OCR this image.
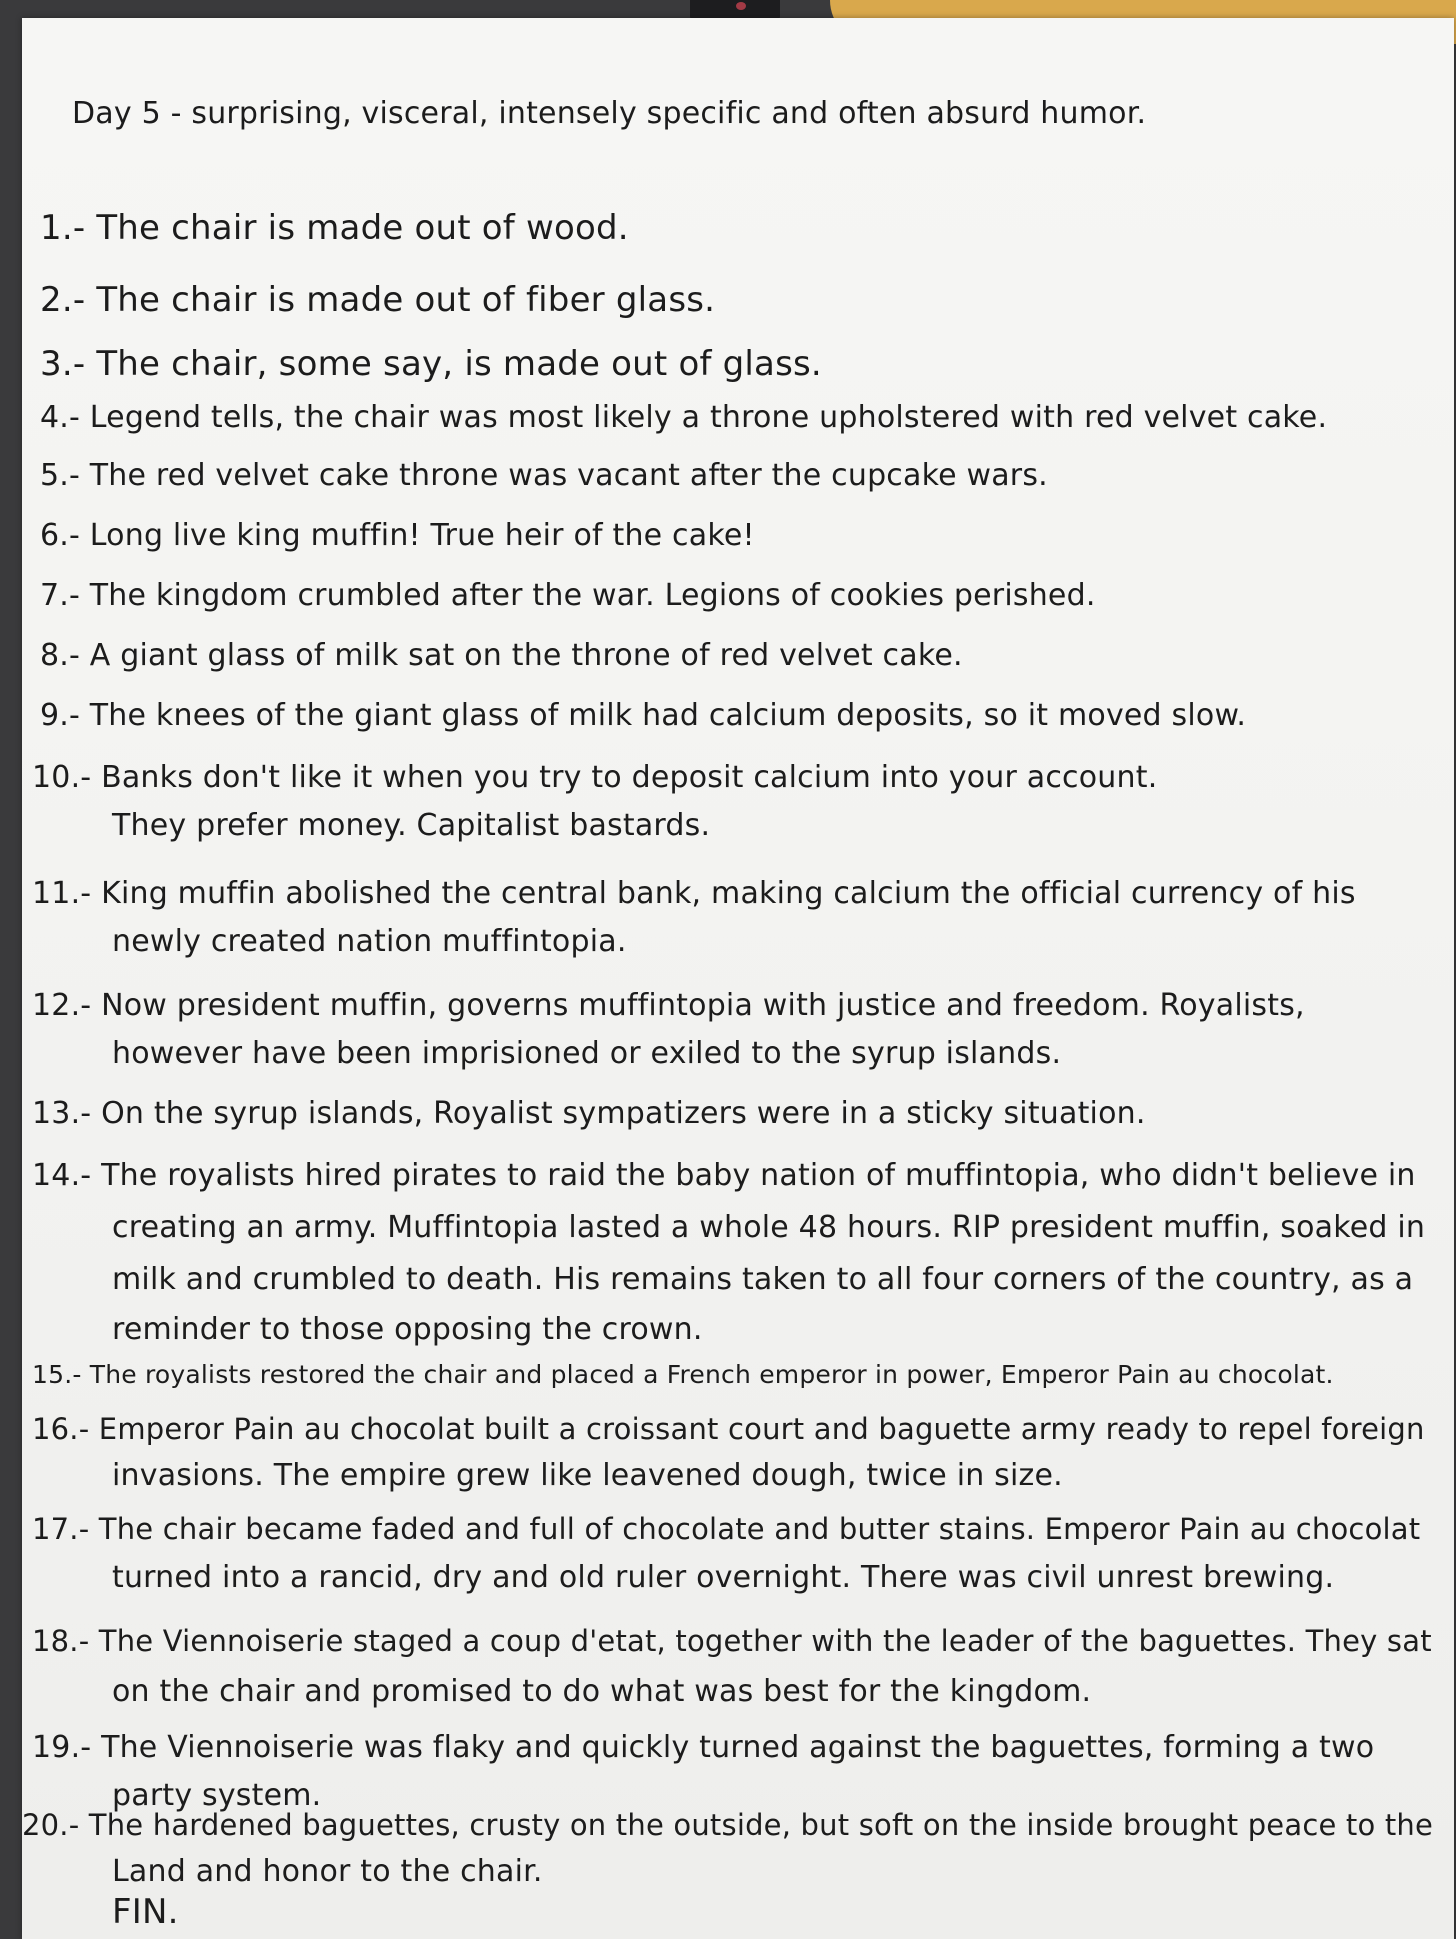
Day 5 - surprising, visceral, intensely specific and often absurd humor.
1.- The chair is made out of wood.
2.- The chair is made out of fiber glass.
3.- The chair, some say, is made out of glass.
4.- Legend tells, the chair was most likely a throne upholstered with red velvet cake.
5.- The red velvet cake throne was vacant after the cupcake wars.
6.- Long live king muffin! True heir of the cake!
7.- The kingdom crumbled after the war. Legions of cookies perished.
8.- A giant glass of milk sat on the throne of red velvet cake.
9.- The knees of the giant glass of milk had calcium deposits, so it moved slow.
10.- Banks don't like it when you try to deposit calcium into your account.
They prefer money. Capitalist bastards.
11.- King muffin abolished the central bank, making calcium the official currency of his
newly created nation muffintopia.
12.- Now president muffin, governs muffintopia with justice and freedom. Royalists,
however have been imprisioned or exiled to the syrup islands.
13.- On the syrup islands, Royalist sympatizers were in a sticky situation.
14.- The royalists hired pirates to raid the baby nation of muffintopia, who didn't believe in
creating an army. Muffintopia lasted a whole 48 hours. RIP president muffin, soaked in
milk and crumbled to death. His remains taken to all four corners of the country, as a
reminder to those opposing the crown.
15.- The royalists restored the chair and placed a French emperor in power, Emperor Pain au chocolat.
16.- Emperor Pain au chocolat built a croissant court and baguette army ready to repel foreign
invasions. The empire grew like leavened dough, twice in size.
17.- The chair became faded and full of chocolate and butter stains. Emperor Pain au chocolat
turned into a rancid, dry and old ruler overnight. There was civil unrest brewing.
18.- The Viennoiserie staged a coup d'etat, together with the leader of the baguettes. They sat
on the chair and promised to do what was best for the kingdom.
19.- The Viennoiserie was flaky and quickly turned against the baguettes, forming a two
party system.
20.- The hardened baguettes, crusty on the outside, but soft on the inside brought peace to the
Land and honor to the chair.
FIN.
